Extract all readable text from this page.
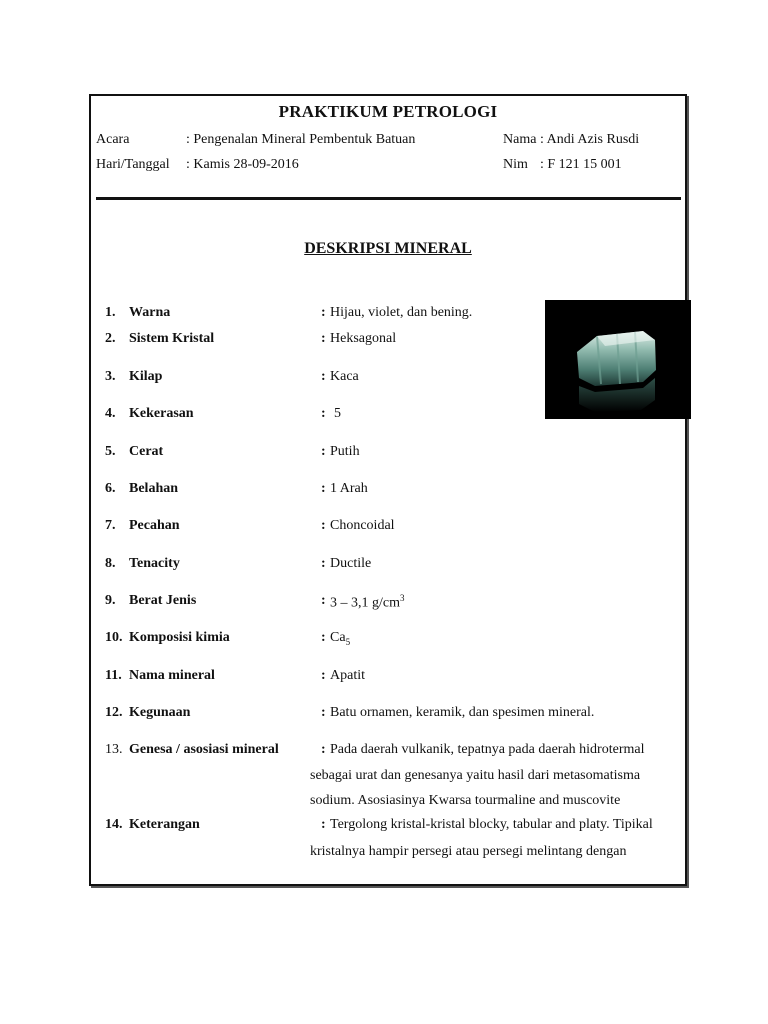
PRAKTIKUM PETROLOGI
Acara	: Pengenalan Mineral Pembentuk Batuan	Nama : Andi Azis Rusdi
Hari/Tanggal : Kamis 28-09-2016	Nim : F 121 15 001
DESKRIPSI MINERAL
1. Warna	: Hijau, violet, dan bening.
2. Sistem Kristal	: Heksagonal
3. Kilap	: Kaca
4. Kekerasan	: 5
5. Cerat	: Putih
6. Belahan	: 1 Arah
7. Pecahan	: Choncoidal
8. Tenacity	: Ductile
9. Berat Jenis	: 3 – 3,1 $g/cm^3$
10. Komposisi kimia	: $Ca_5$
11. Nama mineral	: Apatit
12. Kegunaan	: Batu ornamen, keramik, dan spesimen mineral.
13. Genesa / asosiasi mineral	: Pada daerah vulkanik, tepatnya pada daerah hidrotermal
sebagai urat dan genesanya yaitu hasil dari metasomatisma
sodium. Asosiasinya Kwarsa tourmaline and muscovite
14. Keterangan	: Tergolong kristal-kristal blocky, tabular and platy. Tipikal
kristalnya hampir persegi atau persegi melintang dengan
